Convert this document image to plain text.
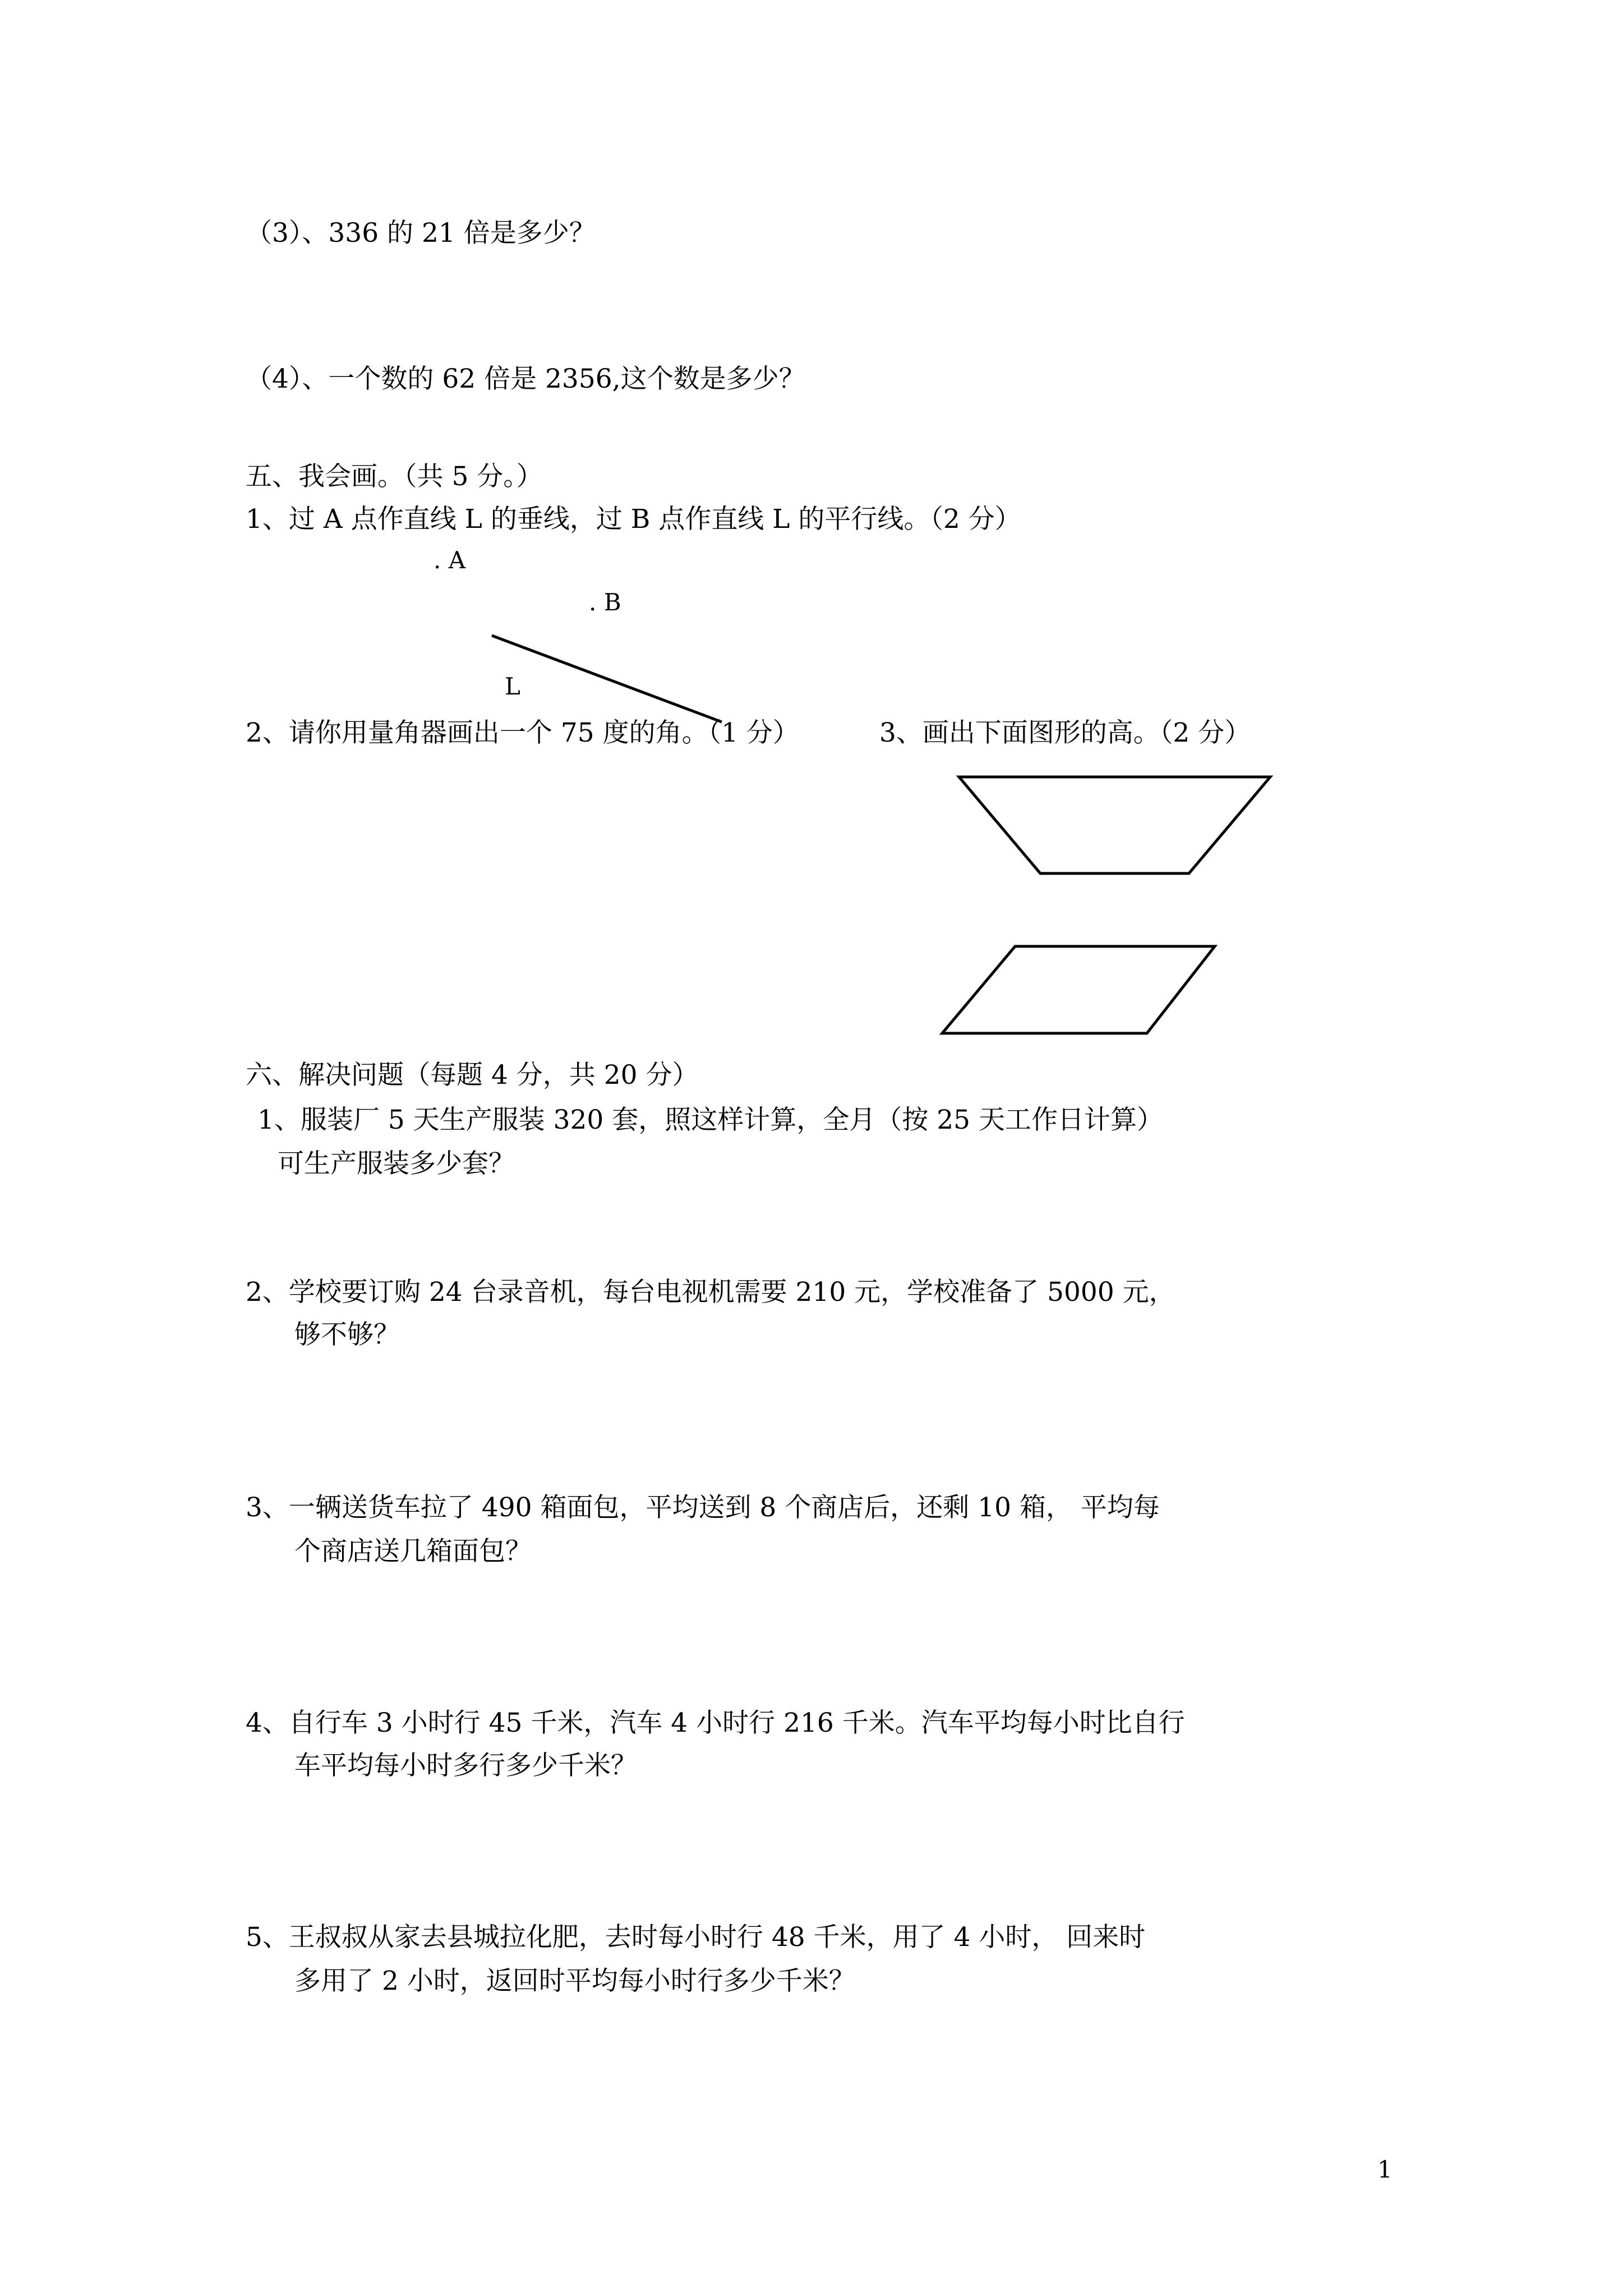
（3）、336 的 21 倍是多少？

（4）、一个数的 62 倍是 2356,这个数是多少？

五、我会画。（共 5 分。）

1、过 A 点作直线 L 的垂线，过 B 点作直线 L 的平行线。（2 分）

. A

. B

L

2、请你用量角器画出一个 75 度的角。（1 分）	3、画出下面图形的高。（2 分）

六、解决问题（每题 4 分，共 20 分）

1、服装厂 5 天生产服装 320 套，照这样计算，全月（按 25 天工作日计算）

可生产服装多少套？

2、学校要订购 24 台录音机，每台电视机需要 210 元，学校准备了 5000 元，

够不够？

3、一辆送货车拉了 490 箱面包，平均送到 8 个商店后，还剩 10 箱， 平均每

个商店送几箱面包？

4、自行车 3 小时行 45 千米，汽车 4 小时行 216 千米。汽车平均每小时比自行

车平均每小时多行多少千米？

5、王叔叔从家去县城拉化肥，去时每小时行 48 千米，用了 4 小时， 回来时

多用了 2 小时，返回时平均每小时行多少千米？

1
